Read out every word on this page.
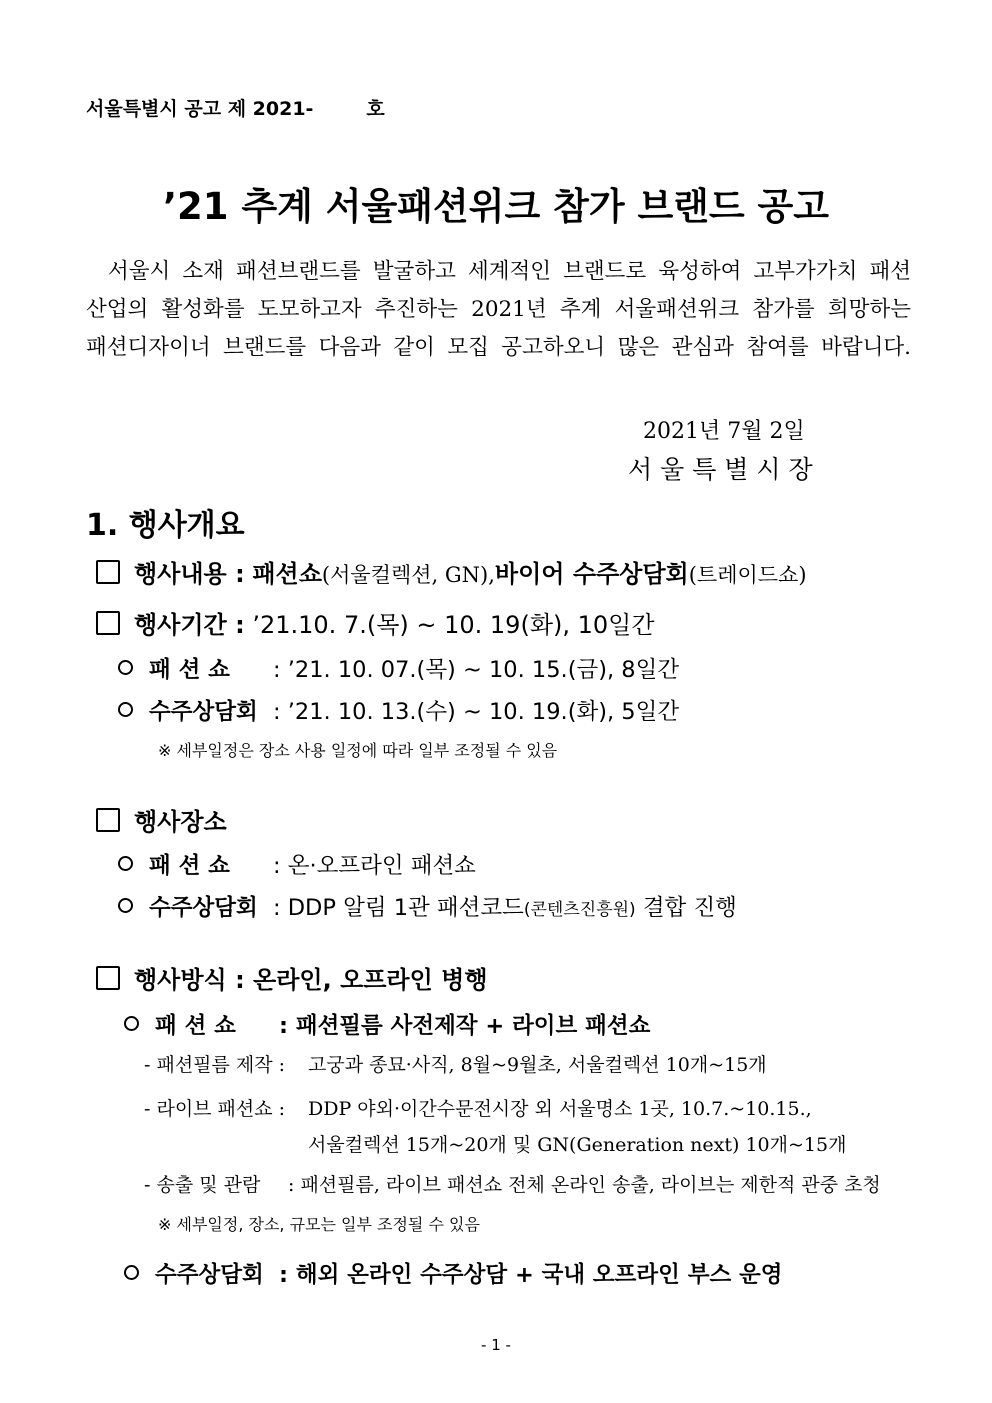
서울특별시 공고 제 2021-        호
’21 추계 서울패션위크 참가 브랜드 공고
서울시 소재 패션브랜드를 발굴하고 세계적인 브랜드로 육성하여 고부가가치 패션
산업의 활성화를 도모하고자 추진하는 2021년 추계 서울패션위크 참가를 희망하는
패션디자이너 브랜드를 다음과 같이 모집 공고하오니 많은 관심과 참여를 바랍니다.
2021년 7월 2일
서 울 특 별 시 장
1. 행사개요
행사내용 : 패션쇼(서울컬렉션, GN),바이어 수주상담회(트레이드쇼)
행사기간 : ’21.10. 7.(목) ~ 10. 19(화), 10일간
패 션 쇼 : ’21. 10. 07.(목) ~ 10. 15.(금), 8일간
수주상담회 : ’21. 10. 13.(수) ~ 10. 19.(화), 5일간
※ 세부일정은 장소 사용 일정에 따라 일부 조정될 수 있음
행사장소
패 션 쇼 : 온·오프라인 패션쇼
수주상담회 : DDP 알림 1관 패션코드(콘텐츠진흥원) 결합 진행
행사방식 : 온라인, 오프라인 병행
패 션 쇼 : 패션필름 사전제작 + 라이브 패션쇼
- 패션필름 제작 : 고궁과 종묘·사직, 8월~9월초, 서울컬렉션 10개~15개
- 라이브 패션쇼 : DDP 야외·이간수문전시장 외 서울명소 1곳, 10.7.~10.15.,
서울컬렉션 15개~20개 및 GN(Generation next) 10개~15개
- 송출 및 관람 : 패션필름, 라이브 패션쇼 전체 온라인 송출, 라이브는 제한적 관중 초청
※ 세부일정, 장소, 규모는 일부 조정될 수 있음
수주상담회 : 해외 온라인 수주상담 + 국내 오프라인 부스 운영
- 1 -
